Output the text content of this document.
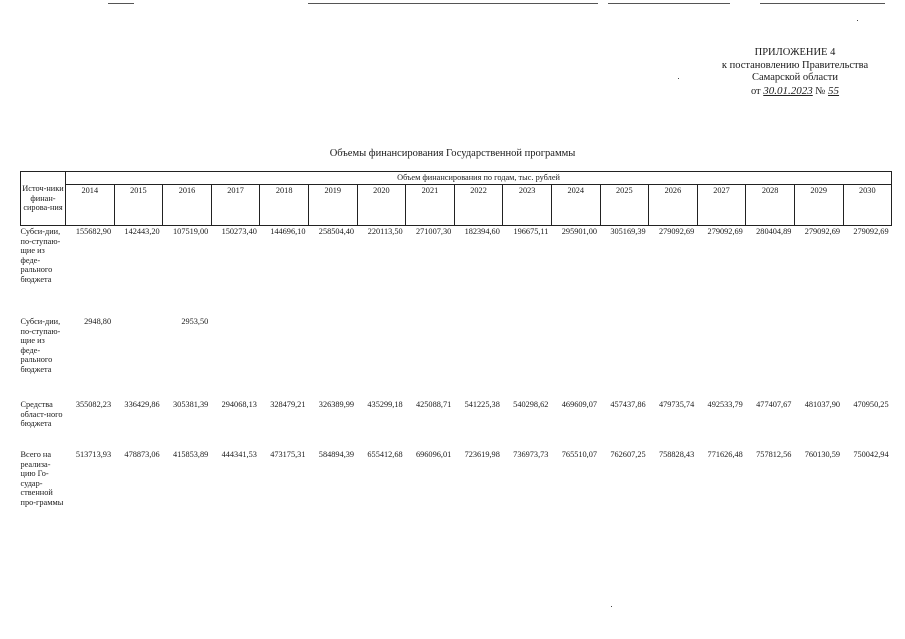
ПРИЛОЖЕНИЕ 4
к постановлению Правительства
Самарской области
от 30.01.2023 № 55
Объемы финансирования Государственной программы
Источ-ники финан-сирова-ния	Объем финансирования по годам, тыс. рублей																
	2014	2015	2016	2017	2018	2019	2020	2021	2022	2023	2024	2025	2026	2027	2028	2029	2030
Субси-дии, по-ступаю-щие из феде-рального бюджета	155682,90	142443,20	107519,00	150273,40	144696,10	258504,40	220113,50	271007,30	182394,60	196675,11	295901,00	305169,39	279092,69	279092,69	280404,89	279092,69	279092,69
Субси-дии, по-ступаю-щие из феде-рального бюджета	2948,80		2953,50														
Средства област-ного бюджета	355082,23	336429,86	305381,39	294068,13	328479,21	326389,99	435299,18	425088,71	541225,38	540298,62	469609,07	457437,86	479735,74	492533,79	477407,67	481037,90	470950,25
Всего на реализа-цию Го-судар-ственной про-граммы	513713,93	478873,06	415853,89	444341,53	473175,31	584894,39	655412,68	696096,01	723619,98	736973,73	765510,07	762607,25	758828,43	771626,48	757812,56	760130,59	750042,94
